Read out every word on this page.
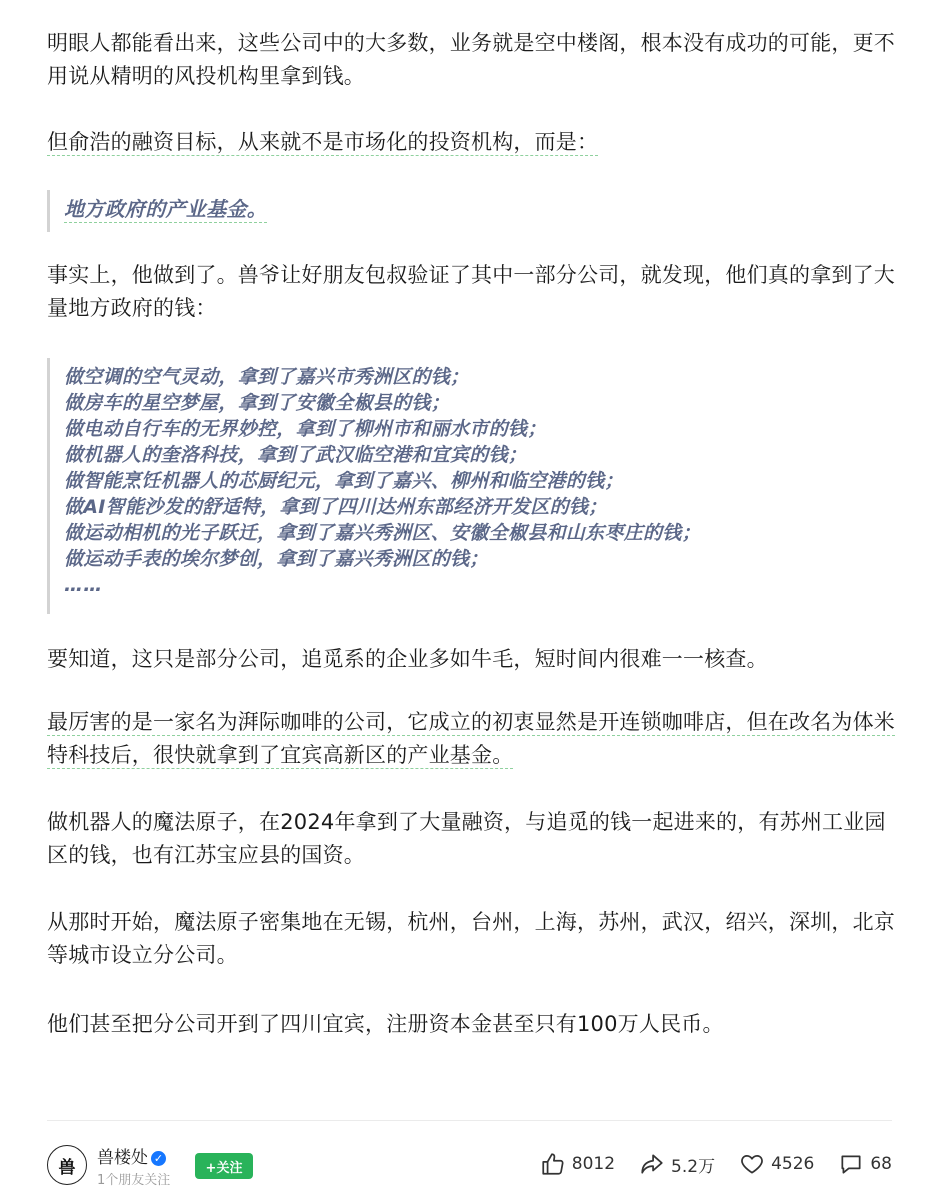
明眼人都能看出来，这些公司中的大多数，业务就是空中楼阁，根本没有成功的可能，更不用说从精明的风投机构里拿到钱。

但俞浩的融资目标，从来就不是市场化的投资机构，而是：

地方政府的产业基金。

事实上，他做到了。兽爷让好朋友包叔验证了其中一部分公司，就发现，他们真的拿到了大量地方政府的钱：

做空调的空气灵动，拿到了嘉兴市秀洲区的钱；
做房车的星空梦屋，拿到了安徽全椒县的钱；
做电动自行车的无界妙控，拿到了柳州市和丽水市的钱；
做机器人的奎洛科技，拿到了武汉临空港和宜宾的钱；
做智能烹饪机器人的芯厨纪元，拿到了嘉兴、柳州和临空港的钱；
做AI智能沙发的舒适特，拿到了四川达州东部经济开发区的钱；
做运动相机的光子跃迁，拿到了嘉兴秀洲区、安徽全椒县和山东枣庄的钱；
做运动手表的埃尔梦创，拿到了嘉兴秀洲区的钱；
……

要知道，这只是部分公司，追觅系的企业多如牛毛，短时间内很难一一核查。

最厉害的是一家名为湃际咖啡的公司，它成立的初衷显然是开连锁咖啡店，但在改名为体米特科技后，很快就拿到了宜宾高新区的产业基金。

做机器人的魔法原子，在2024年拿到了大量融资，与追觅的钱一起进来的，有苏州工业园区的钱，也有江苏宝应县的国资。

从那时开始，魔法原子密集地在无锡，杭州，台州，上海，苏州，武汉，绍兴，深圳，北京等城市设立分公司。

他们甚至把分公司开到了四川宜宾，注册资本金甚至只有100万人民币。

兽 兽楼处 ✓
1个朋友关注
+关注	8012	5.2万	4526	68
